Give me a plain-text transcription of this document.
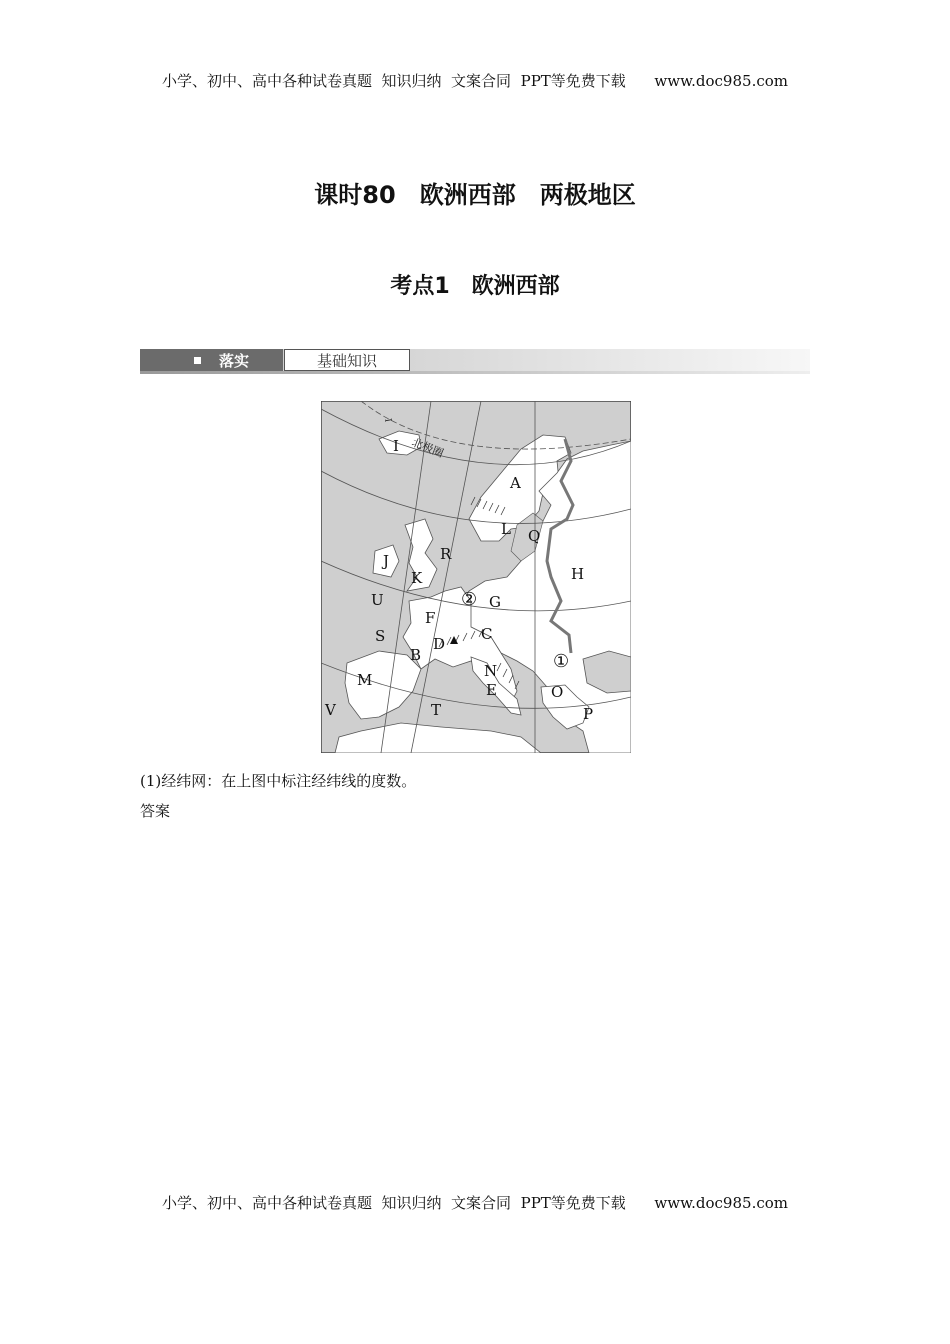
小学、初中、高中各种试卷真题  知识归纳  文案合同  PPT等免费下载      www.doc985.com
课时80　欧洲西部　两极地区
考点1　欧洲西部
落实	基础知识
北极圈
I
I
A
L Q
R
J
K	H
U	② G
F
S	D
C
B	①
M	N
E	O
V	T	P
(1)经纬网：在上图中标注经纬线的度数。
答案
小学、初中、高中各种试卷真题  知识归纳  文案合同  PPT等免费下载      www.doc985.com
